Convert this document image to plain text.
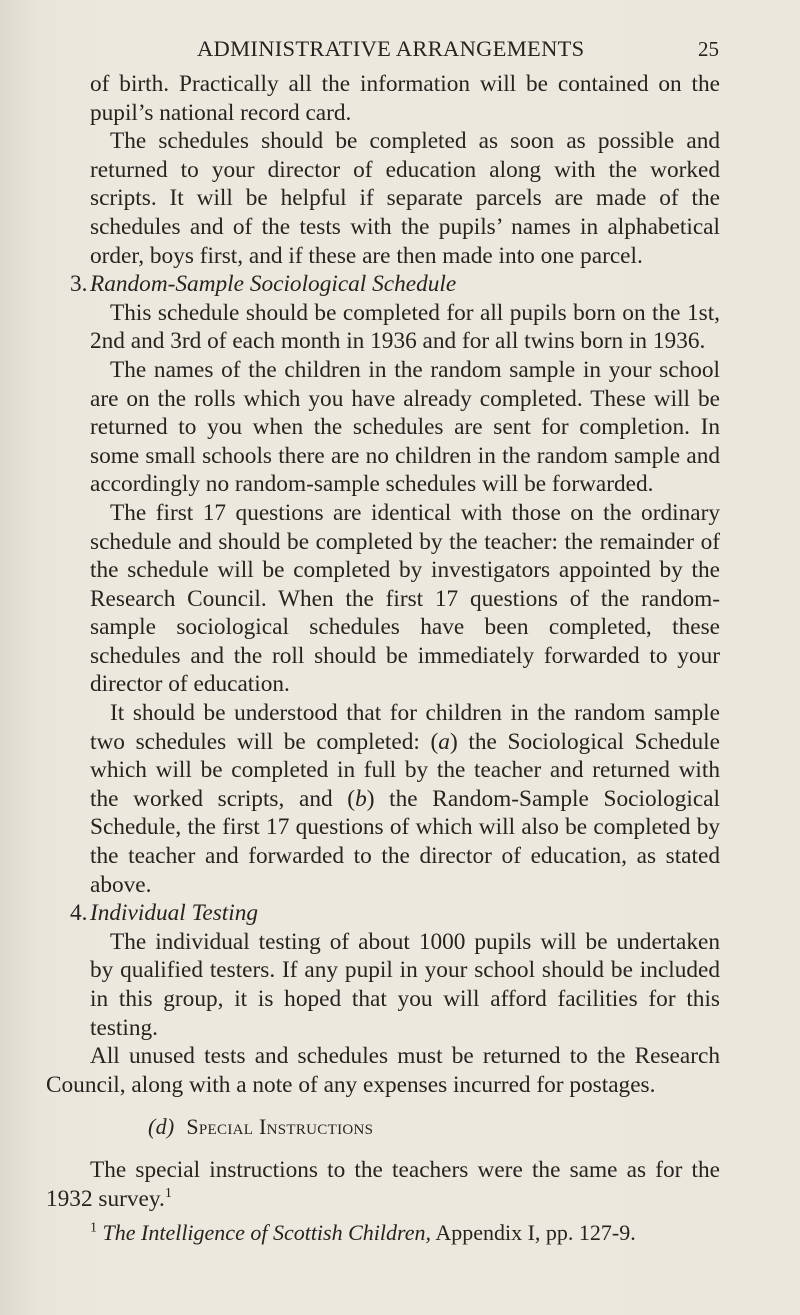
ADMINISTRATIVE ARRANGEMENTS	25

of birth. Practically all the information will be contained on the pupil’s national record card.

The schedules should be completed as soon as possible and returned to your director of education along with the worked scripts. It will be helpful if separate parcels are made of the schedules and of the tests with the pupils’ names in alphabetical order, boys first, and if these are then made into one parcel.

3. Random-Sample Sociological Schedule

This schedule should be completed for all pupils born on the 1st, 2nd and 3rd of each month in 1936 and for all twins born in 1936.

The names of the children in the random sample in your school are on the rolls which you have already completed. These will be returned to you when the schedules are sent for completion. In some small schools there are no children in the random sample and accordingly no random-sample schedules will be forwarded.

The first 17 questions are identical with those on the ordinary schedule and should be completed by the teacher: the remainder of the schedule will be completed by investigators appointed by the Research Council. When the first 17 questions of the random-sample sociological schedules have been completed, these schedules and the roll should be immediately forwarded to your director of education.

It should be understood that for children in the random sample two schedules will be completed: (a) the Sociological Schedule which will be completed in full by the teacher and returned with the worked scripts, and (b) the Random-Sample Sociological Schedule, the first 17 questions of which will also be completed by the teacher and forwarded to the director of education, as stated above.

4. Individual Testing

The individual testing of about 1000 pupils will be undertaken by qualified testers. If any pupil in your school should be included in this group, it is hoped that you will afford facilities for this testing.

All unused tests and schedules must be returned to the Research Council, along with a note of any expenses incurred for postages.

(d) Special Instructions

The special instructions to the teachers were the same as for the 1932 survey.$^1$

$^1$ The Intelligence of Scottish Children, Appendix I, pp. 127-9.
